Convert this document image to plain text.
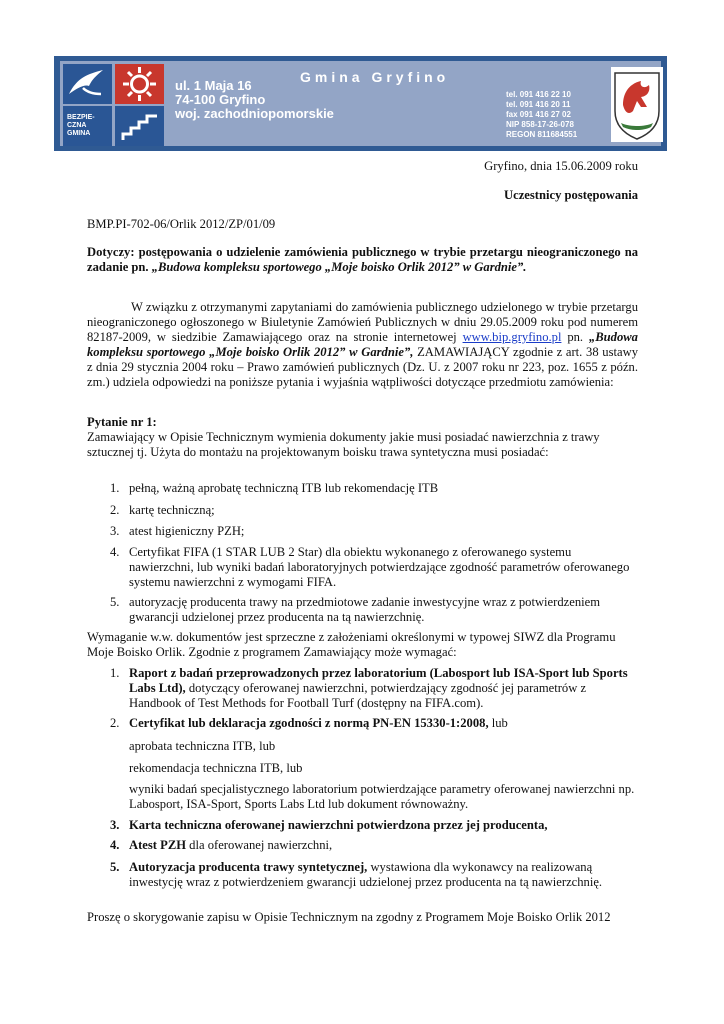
BEZPIE-
CZNA
GMINA
Gmina Gryfino
ul. 1 Maja 16
74-100 Gryfino
woj. zachodniopomorskie
tel. 091 416 22 10
tel. 091 416 20 11
fax 091 416 27 02
NIP 858-17-26-078
REGON 811684551

Gryfino, dnia 15.06.2009 roku

Uczestnicy postępowania

BMP.PI-702-06/Orlik 2012/ZP/01/09

Dotyczy: postępowania o udzielenie zamówienia publicznego w trybie przetargu nieograniczonego na zadanie pn. „Budowa kompleksu sportowego „Moje boisko Orlik 2012” w Gardnie”.

W związku z otrzymanymi zapytaniami do zamówienia publicznego udzielonego w trybie przetargu nieograniczonego ogłoszonego w Biuletynie Zamówień Publicznych w dniu 29.05.2009 roku pod numerem 82187-2009, w siedzibie Zamawiającego oraz na stronie internetowej www.bip.gryfino.pl pn. „Budowa kompleksu sportowego „Moje boisko Orlik 2012” w Gardnie”, ZAMAWIAJĄCY zgodnie z art. 38 ustawy z dnia 29 stycznia 2004 roku – Prawo zamówień publicznych (Dz. U. z 2007 roku nr 223, poz. 1655 z późn. zm.) udziela odpowiedzi na poniższe pytania i wyjaśnia wątpliwości dotyczące przedmiotu zamówienia:

Pytanie nr 1:

Zamawiający w Opisie Technicznym wymienia dokumenty jakie musi posiadać nawierzchnia z trawy sztucznej tj. Użyta do montażu na projektowanym boisku trawa syntetyczna musi posiadać:

1. pełną, ważną aprobatę techniczną ITB lub rekomendację ITB

2. kartę techniczną;

3. atest higieniczny PZH;

4. Certyfikat FIFA (1 STAR LUB 2 Star) dla obiektu wykonanego z oferowanego systemu nawierzchni, lub wyniki badań laboratoryjnych potwierdzające zgodność parametrów oferowanego systemu nawierzchni z wymogami FIFA.

5. autoryzację producenta trawy na przedmiotowe zadanie inwestycyjne wraz z potwierdzeniem gwarancji udzielonej przez producenta na tą nawierzchnię.

Wymaganie w.w. dokumentów jest sprzeczne z założeniami określonymi w typowej SIWZ dla Programu Moje Boisko Orlik. Zgodnie z programem Zamawiający może wymagać:

1. Raport z badań przeprowadzonych przez laboratorium (Labosport lub ISA-Sport lub Sports Labs Ltd), dotyczący oferowanej nawierzchni, potwierdzający zgodność jej parametrów z Handbook of Test Methods for Football Turf (dostępny na FIFA.com).

2. Certyfikat lub deklaracja zgodności z normą PN-EN 15330-1:2008, lub

aprobata techniczna ITB, lub

rekomendacja techniczna ITB, lub

wyniki badań specjalistycznego laboratorium potwierdzające parametry oferowanej nawierzchni np. Labosport, ISA-Sport, Sports Labs Ltd lub dokument równoważny.

3. Karta techniczna oferowanej nawierzchni potwierdzona przez jej producenta,

4. Atest PZH dla oferowanej nawierzchni,

5. Autoryzacja producenta trawy syntetycznej, wystawiona dla wykonawcy na realizowaną inwestycję wraz z potwierdzeniem gwarancji udzielonej przez producenta na tą nawierzchnię.

Proszę o skorygowanie zapisu w Opisie Technicznym na zgodny z Programem Moje Boisko Orlik 2012
